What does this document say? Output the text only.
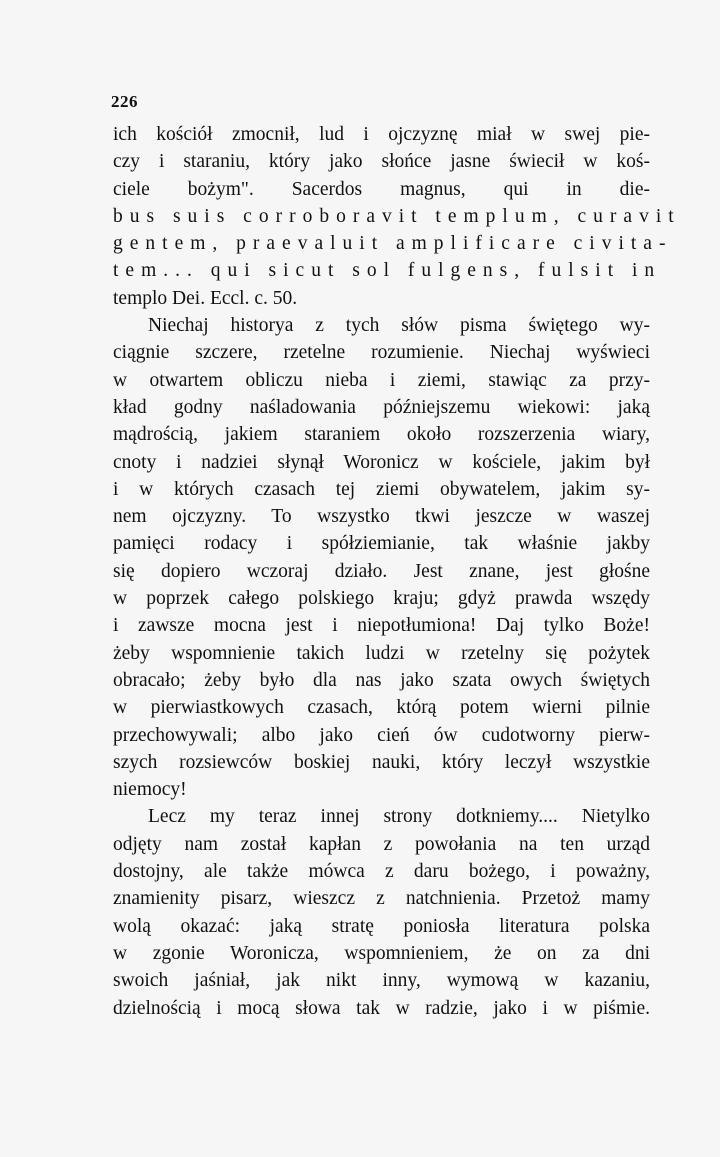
226
ich kościół zmocnił, lud i ojczyznę miał w swej pie-
czy i staraniu, który jako słońce jasne świecił w koś-
ciele bożym". Sacerdos magnus, qui in die-
bus suis corroboravit templum, curavit
gentem, praevaluit amplificare civita-
tem... qui sicut sol fulgens, fulsit in
templo Dei. Eccl. c. 50.
Niechaj historya z tych słów pisma świętego wy-
ciągnie szczere, rzetelne rozumienie. Niechaj wyświeci
w otwartem obliczu nieba i ziemi, stawiąc za przy-
kład godny naśladowania późniejszemu wiekowi: jaką
mądrością, jakiem staraniem około rozszerzenia wiary,
cnoty i nadziei słynął Woronicz w kościele, jakim był
i w których czasach tej ziemi obywatelem, jakim sy-
nem ojczyzny. To wszystko tkwi jeszcze w waszej
pamięci rodacy i spółziemianie, tak właśnie jakby
się dopiero wczoraj działo. Jest znane, jest głośne
w poprzek całego polskiego kraju; gdyż prawda wszędy
i zawsze mocna jest i niepotłumiona! Daj tylko Boże!
żeby wspomnienie takich ludzi w rzetelny się pożytek
obracało; żeby było dla nas jako szata owych świętych
w pierwiastkowych czasach, którą potem wierni pilnie
przechowywali; albo jako cień ów cudotworny pierw-
szych rozsiewców boskiej nauki, który leczył wszystkie
niemocy!
Lecz my teraz innej strony dotkniemy.... Nietylko
odjęty nam został kapłan z powołania na ten urząd
dostojny, ale także mówca z daru bożego, i poważny,
znamienity pisarz, wieszcz z natchnienia. Przetoż mamy
wolą okazać: jaką stratę poniosła literatura polska
w zgonie Woronicza, wspomnieniem, że on za dni
swoich jaśniał, jak nikt inny, wymową w kazaniu,
dzielnością i mocą słowa tak w radzie, jako i w piśmie.
